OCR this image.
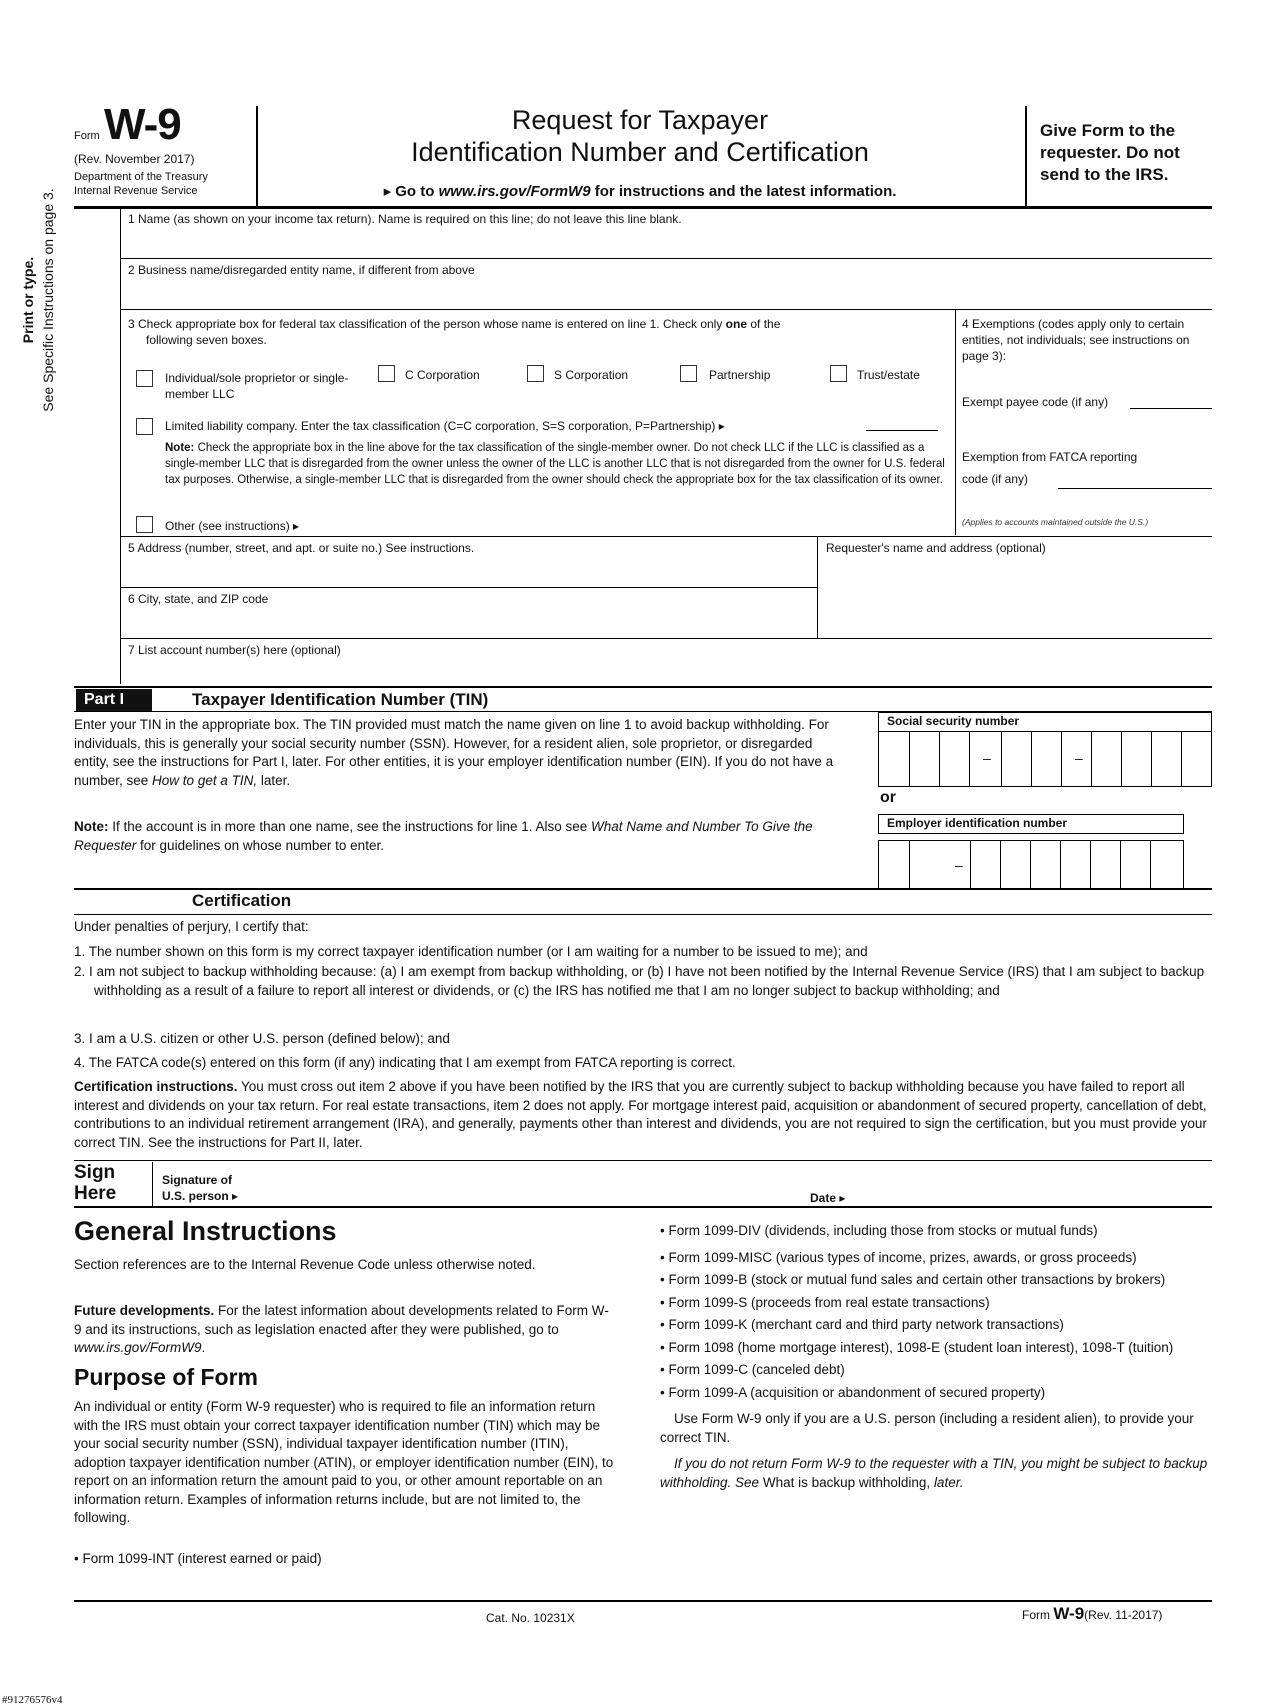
Form W-9
(Rev. November 2017)
Department of the Treasury
Internal Revenue Service
Request for Taxpayer
Identification Number and Certification
▸ Go to www.irs.gov/FormW9 for instructions and the latest information.
Give Form to the requester. Do not send to the IRS.
Print or type. See Specific Instructions on page 3.	1 Name (as shown on your income tax return). Name is required on this line; do not leave this line blank.
2 Business name/disregarded entity name, if different from above
3 Check appropriate box for federal tax classification of the person whose name is entered on line 1. Check only one of the
following seven boxes.
Individual/sole proprietor or single-member LLC
C Corporation	S Corporation	Partnership	Trust/estate
Limited liability company. Enter the tax classification (C=C corporation, S=S corporation, P=Partnership) ▸
Note: Check the appropriate box in the line above for the tax classification of the single-member owner. Do not check LLC if the LLC is classified as a single-member LLC that is disregarded from the owner unless the owner of the LLC is another LLC that is not disregarded from the owner for U.S. federal tax purposes. Otherwise, a single-member LLC that is disregarded from the owner should check the appropriate box for the tax classification of its owner.
Other (see instructions) ▸
4 Exemptions (codes apply only to certain entities, not individuals; see instructions on page 3):
Exempt payee code (if any)
Exemption from FATCA reporting
code (if any)
(Applies to accounts maintained outside the U.S.)
5 Address (number, street, and apt. or suite no.) See instructions.	Requester's name and address (optional)
6 City, state, and ZIP code
7 List account number(s) here (optional)
Part I	Taxpayer Identification Number (TIN)
Enter your TIN in the appropriate box. The TIN provided must match the name given on line 1 to avoid backup withholding. For individuals, this is generally your social security number (SSN). However, for a resident alien, sole proprietor, or disregarded entity, see the instructions for Part I, later. For other entities, it is your employer identification number (EIN). If you do not have a number, see How to get a TIN, later.
Note: If the account is in more than one name, see the instructions for line 1. Also see What Name and Number To Give the Requester for guidelines on whose number to enter.
Social security number
–	–
or
Employer identification number
–
Certification
Under penalties of perjury, I certify that:
1. The number shown on this form is my correct taxpayer identification number (or I am waiting for a number to be issued to me); and
2. I am not subject to backup withholding because: (a) I am exempt from backup withholding, or (b) I have not been notified by the Internal Revenue Service (IRS) that I am subject to backup withholding as a result of a failure to report all interest or dividends, or (c) the IRS has notified me that I am no longer subject to backup withholding; and
3. I am a U.S. citizen or other U.S. person (defined below); and
4. The FATCA code(s) entered on this form (if any) indicating that I am exempt from FATCA reporting is correct.
Certification instructions. You must cross out item 2 above if you have been notified by the IRS that you are currently subject to backup withholding because you have failed to report all interest and dividends on your tax return. For real estate transactions, item 2 does not apply. For mortgage interest paid, acquisition or abandonment of secured property, cancellation of debt, contributions to an individual retirement arrangement (IRA), and generally, payments other than interest and dividends, you are not required to sign the certification, but you must provide your correct TIN. See the instructions for Part II, later.
Sign
Here
Signature of
U.S. person ▸	Date ▸
General Instructions
Section references are to the Internal Revenue Code unless otherwise noted.
Future developments. For the latest information about developments related to Form W-9 and its instructions, such as legislation enacted after they were published, go to www.irs.gov/FormW9.
Purpose of Form
An individual or entity (Form W-9 requester) who is required to file an information return with the IRS must obtain your correct taxpayer identification number (TIN) which may be your social security number (SSN), individual taxpayer identification number (ITIN), adoption taxpayer identification number (ATIN), or employer identification number (EIN), to report on an information return the amount paid to you, or other amount reportable on an information return. Examples of information returns include, but are not limited to, the following.
• Form 1099-INT (interest earned or paid)
• Form 1099-DIV (dividends, including those from stocks or mutual funds)
• Form 1099-MISC (various types of income, prizes, awards, or gross proceeds)
• Form 1099-B (stock or mutual fund sales and certain other transactions by brokers)
• Form 1099-S (proceeds from real estate transactions)
• Form 1099-K (merchant card and third party network transactions)
• Form 1098 (home mortgage interest), 1098-E (student loan interest), 1098-T (tuition)
• Form 1099-C (canceled debt)
• Form 1099-A (acquisition or abandonment of secured property)
Use Form W-9 only if you are a U.S. person (including a resident alien), to provide your correct TIN.
If you do not return Form W-9 to the requester with a TIN, you might be subject to backup withholding. See What is backup withholding, later.
Cat. No. 10231X	Form W-9(Rev. 11-2017)
#91276576v4
